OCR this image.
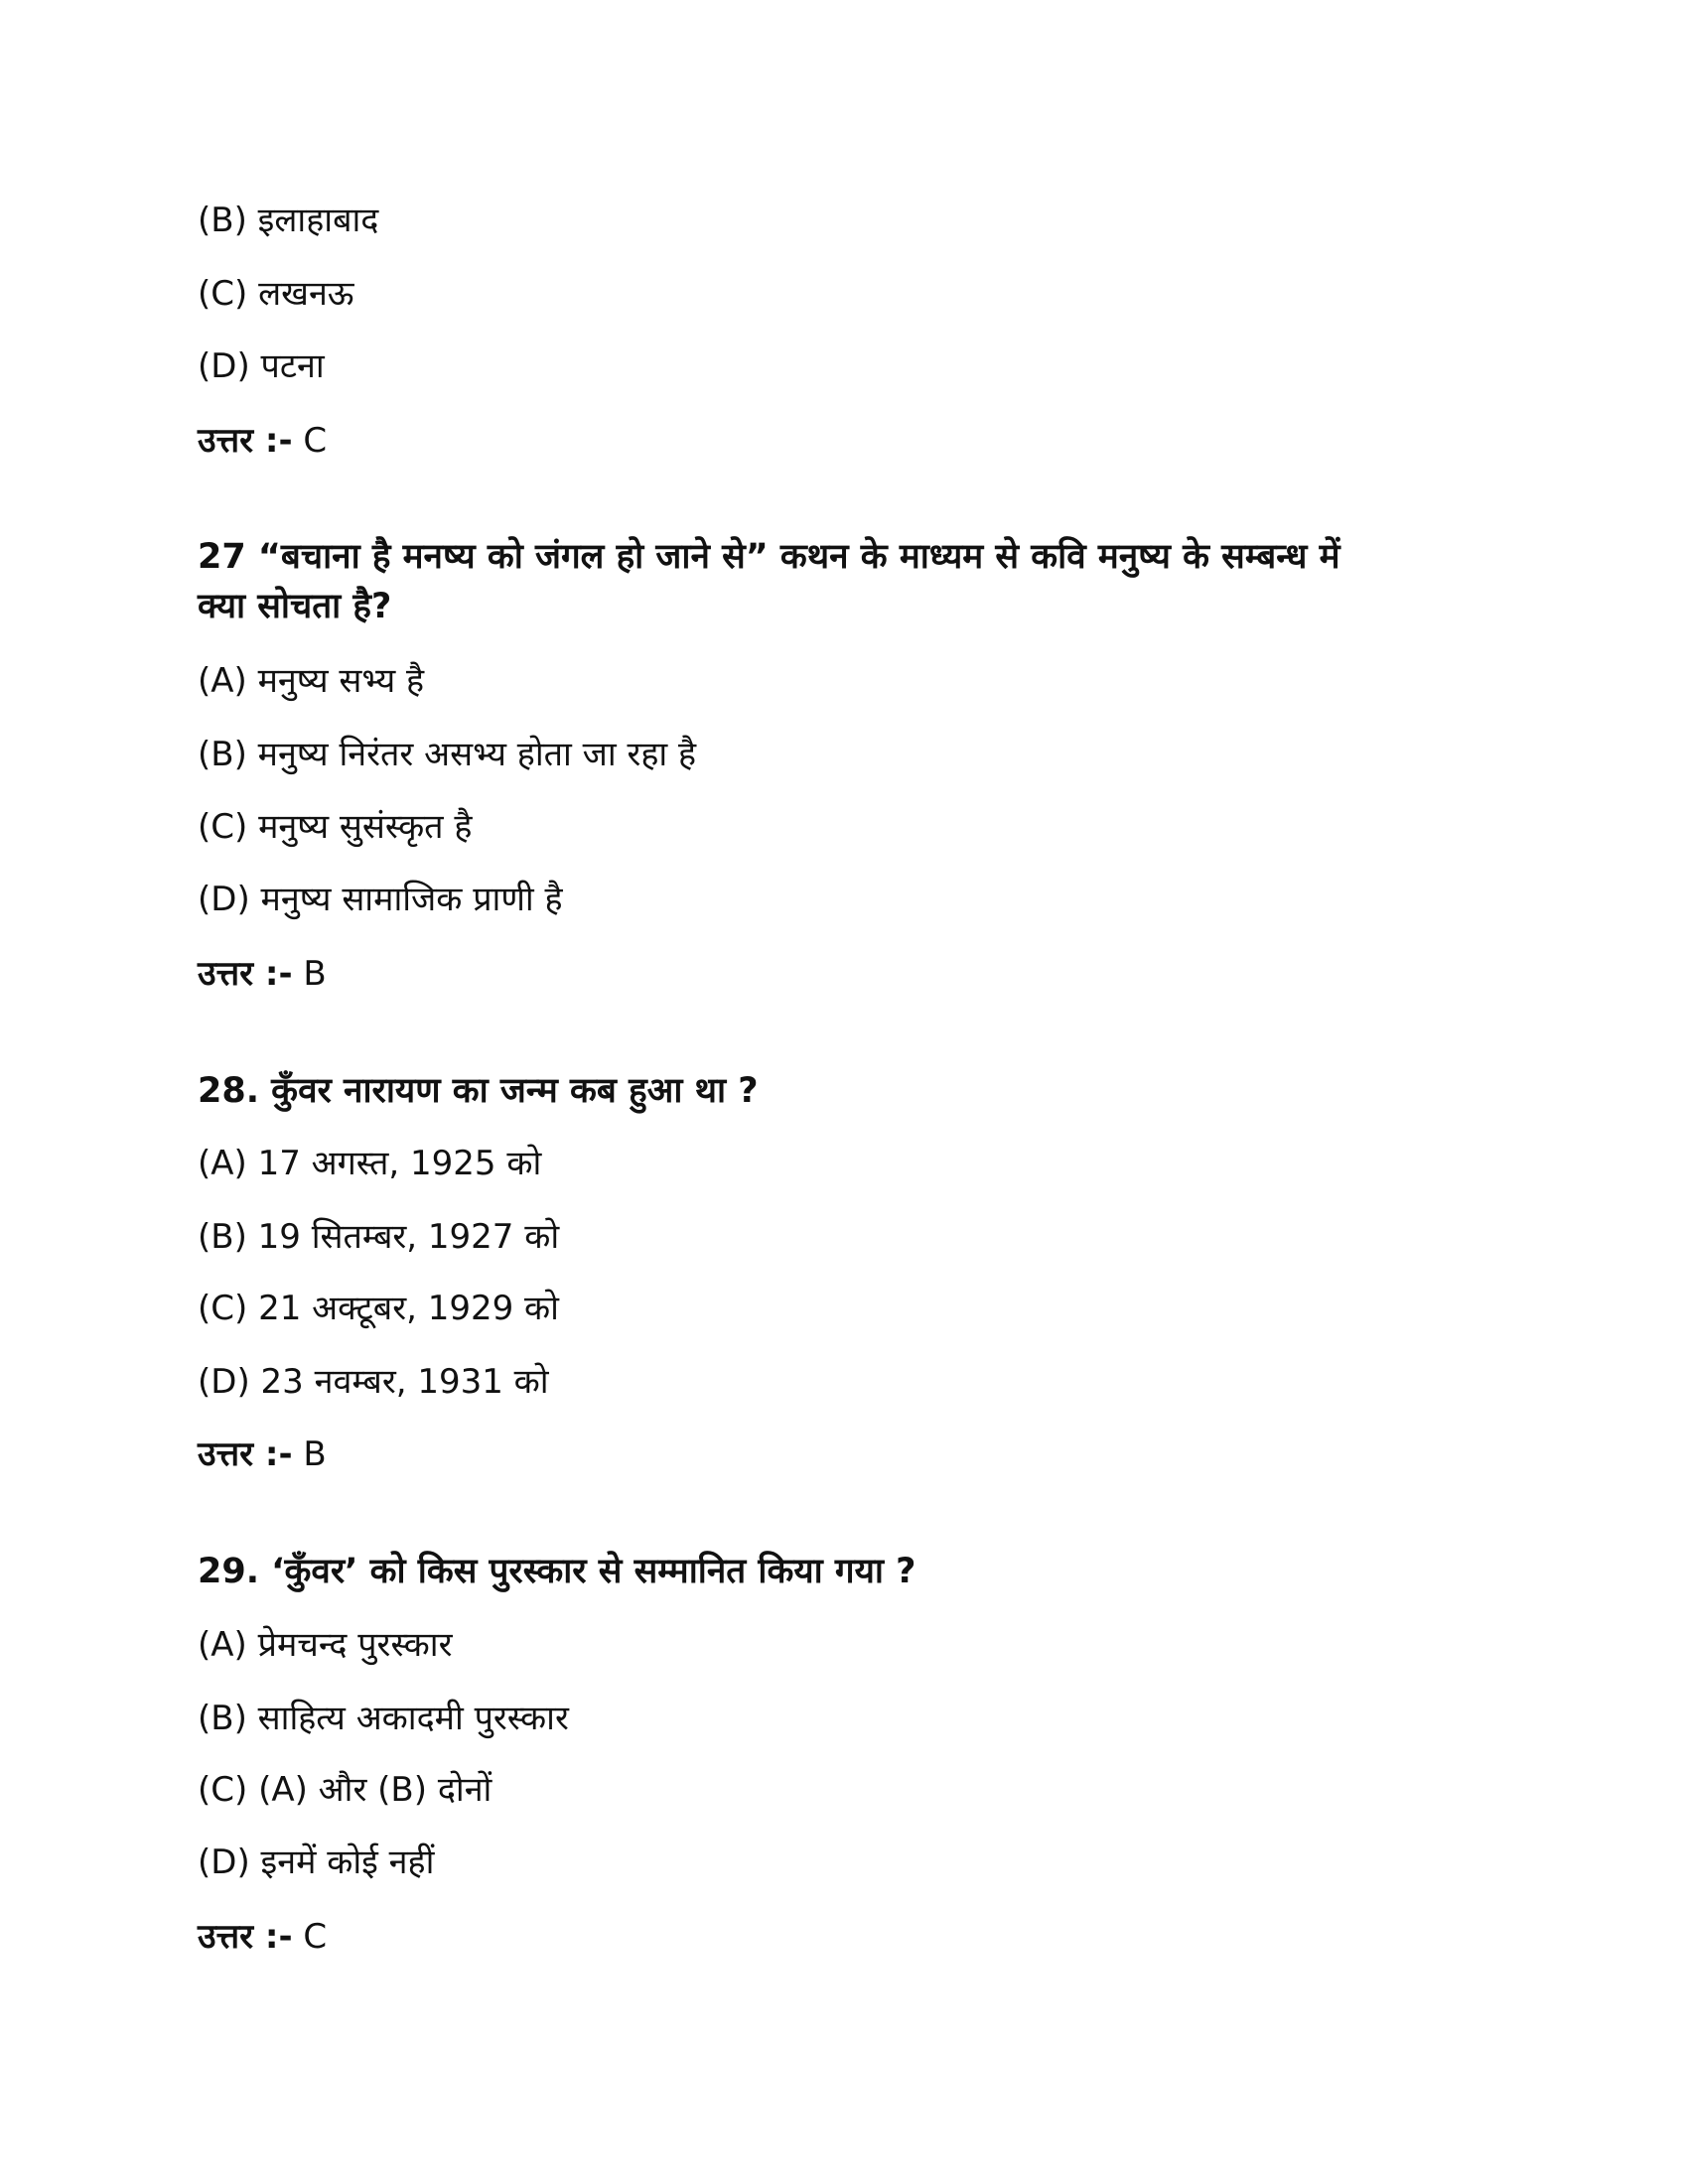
(B) इलाहाबाद
(C) लखनऊ
(D) पटना
उत्तर :- C
27 “बचाना है मनष्य को जंगल हो जाने से” कथन के माध्यम से कवि मनुष्य के सम्बन्ध में
क्या सोचता है?
(A) मनुष्य सभ्य है
(B) मनुष्य निरंतर असभ्य होता जा रहा है
(C) मनुष्य सुसंस्कृत है
(D) मनुष्य सामाजिक प्राणी है
उत्तर :- B
28. कुँवर नारायण का जन्म कब हुआ था ?
(A) 17 अगस्त, 1925 को
(B) 19 सितम्बर, 1927 को
(C) 21 अक्टूबर, 1929 को
(D) 23 नवम्बर, 1931 को
उत्तर :- B
29. ‘कुँवर’ को किस पुरस्कार से सम्मानित किया गया ?
(A) प्रेमचन्द पुरस्कार
(B) साहित्य अकादमी पुरस्कार
(C) (A) और (B) दोनों
(D) इनमें कोई नहीं
उत्तर :- C
